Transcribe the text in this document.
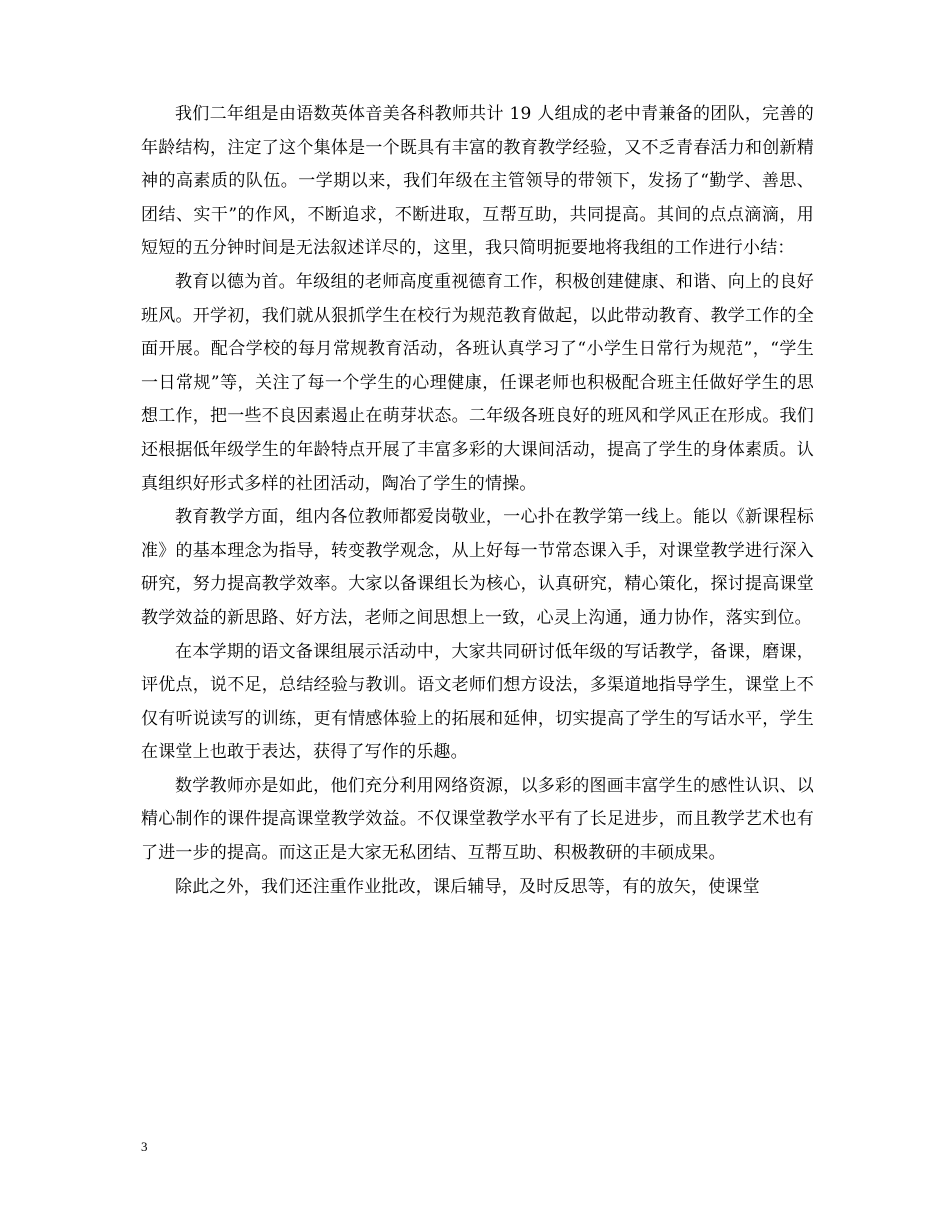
我们二年组是由语数英体音美各科教师共计 19 人组成的老中青兼备的团队，完善的年龄结构，注定了这个集体是一个既具有丰富的教育教学经验，又不乏青春活力和创新精神的高素质的队伍。一学期以来，我们年级在主管领导的带领下，发扬了“勤学、善思、团结、实干”的作风，不断追求，不断进取，互帮互助，共同提高。其间的点点滴滴，用短短的五分钟时间是无法叙述详尽的，这里，我只简明扼要地将我组的工作进行小结：

教育以德为首。年级组的老师高度重视德育工作，积极创建健康、和谐、向上的良好班风。开学初，我们就从狠抓学生在校行为规范教育做起，以此带动教育、教学工作的全面开展。配合学校的每月常规教育活动，各班认真学习了“小学生日常行为规范”，“学生一日常规”等，关注了每一个学生的心理健康，任课老师也积极配合班主任做好学生的思想工作，把一些不良因素遏止在萌芽状态。二年级各班良好的班风和学风正在形成。我们还根据低年级学生的年龄特点开展了丰富多彩的大课间活动，提高了学生的身体素质。认真组织好形式多样的社团活动，陶冶了学生的情操。

教育教学方面，组内各位教师都爱岗敬业，一心扑在教学第一线上。能以《新课程标准》的基本理念为指导，转变教学观念，从上好每一节常态课入手，对课堂教学进行深入研究，努力提高教学效率。大家以备课组长为核心，认真研究，精心策化，探讨提高课堂教学效益的新思路、好方法，老师之间思想上一致，心灵上沟通，通力协作，落实到位。

在本学期的语文备课组展示活动中，大家共同研讨低年级的写话教学，备课，磨课，评优点，说不足，总结经验与教训。语文老师们想方设法，多渠道地指导学生，课堂上不仅有听说读写的训练，更有情感体验上的拓展和延伸，切实提高了学生的写话水平，学生在课堂上也敢于表达，获得了写作的乐趣。

数学教师亦是如此，他们充分利用网络资源，以多彩的图画丰富学生的感性认识、以精心制作的课件提高课堂教学效益。不仅课堂教学水平有了长足进步，而且教学艺术也有了进一步的提高。而这正是大家无私团结、互帮互助、积极教研的丰硕成果。

除此之外，我们还注重作业批改，课后辅导，及时反思等，有的放矢，使课堂

3
